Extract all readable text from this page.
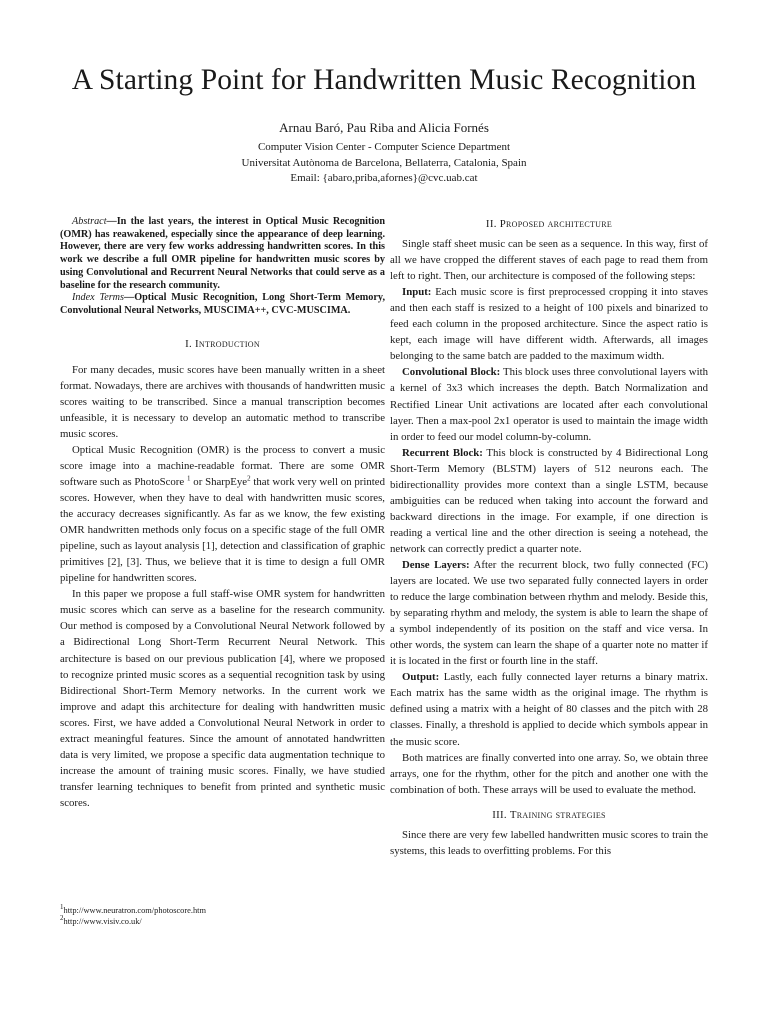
A Starting Point for Handwritten Music Recognition
Arnau Baró, Pau Riba and Alicia Fornés
Computer Vision Center - Computer Science Department
Universitat Autònoma de Barcelona, Bellaterra, Catalonia, Spain
Email: {abaro,priba,afornes}@cvc.uab.cat

Abstract—In the last years, the interest in Optical Music Recognition (OMR) has reawakened, especially since the appearance of deep learning. However, there are very few works addressing handwritten scores. In this work we describe a full OMR pipeline for handwritten music scores by using Convolutional and Recurrent Neural Networks that could serve as a baseline for the research community.

Index Terms—Optical Music Recognition, Long Short-Term Memory, Convolutional Neural Networks, MUSCIMA++, CVC-MUSCIMA.

I. Introduction

For many decades, music scores have been manually written in a sheet format. Nowadays, there are archives with thousands of handwritten music scores waiting to be transcribed. Since a manual transcription becomes unfeasible, it is necessary to develop an automatic method to transcribe music scores.

Optical Music Recognition (OMR) is the process to convert a music score image into a machine-readable format. There are some OMR software such as PhotoScore $^1$ or SharpEye$^2$ that work very well on printed scores. However, when they have to deal with handwritten music scores, the accuracy decreases significantly. As far as we know, the few existing OMR handwritten methods only focus on a specific stage of the full OMR pipeline, such as layout analysis [1], detection and classification of graphic primitives [2], [3]. Thus, we believe that it is time to design a full OMR pipeline for handwritten scores.

In this paper we propose a full staff-wise OMR system for handwritten music scores which can serve as a baseline for the research community. Our method is composed by a Convolutional Neural Network followed by a Bidirectional Long Short-Term Recurrent Neural Network. This architecture is based on our previous publication [4], where we proposed to recognize printed music scores as a sequential recognition task by using Bidirectional Short-Term Memory networks. In the current work we improve and adapt this architecture for dealing with handwritten music scores. First, we have added a Convolutional Neural Network in order to extract meaningful features. Since the amount of annotated handwritten data is very limited, we propose a specific data augmentation technique to increase the amount of training music scores. Finally, we have studied transfer learning techniques to benefit from printed and synthetic music scores.

$^1$http://www.neuratron.com/photoscore.htm
$^2$http://www.visiv.co.uk/
II. Proposed architecture

Single staff sheet music can be seen as a sequence. In this way, first of all we have cropped the different staves of each page to read them from left to right. Then, our architecture is composed of the following steps:

Input: Each music score is first preprocessed cropping it into staves and then each staff is resized to a height of 100 pixels and binarized to feed each column in the proposed architecture. Since the aspect ratio is kept, each image will have different width. Afterwards, all images belonging to the same batch are padded to the maximum width.

Convolutional Block: This block uses three convolutional layers with a kernel of 3x3 which increases the depth. Batch Normalization and Rectified Linear Unit activations are located after each convolutional layer. Then a max-pool 2x1 operator is used to maintain the image width in order to feed our model column-by-column.

Recurrent Block: This block is constructed by 4 Bidirectional Long Short-Term Memory (BLSTM) layers of 512 neurons each. The bidirectionallity provides more context than a single LSTM, because ambiguities can be reduced when taking into account the forward and backward directions in the image. For example, if one direction is reading a vertical line and the other direction is seeing a notehead, the network can correctly predict a quarter note.

Dense Layers: After the recurrent block, two fully connected (FC) layers are located. We use two separated fully connected layers in order to reduce the large combination between rhythm and melody. Beside this, by separating rhythm and melody, the system is able to learn the shape of a symbol independently of its position on the staff and vice versa. In other words, the system can learn the shape of a quarter note no matter if it is located in the first or fourth line in the staff.

Output: Lastly, each fully connected layer returns a binary matrix. Each matrix has the same width as the original image. The rhythm is defined using a matrix with a height of 80 classes and the pitch with 28 classes. Finally, a threshold is applied to decide which symbols appear in the music score.

Both matrices are finally converted into one array. So, we obtain three arrays, one for the rhythm, other for the pitch and another one with the combination of both. These arrays will be used to evaluate the method.

III. Training strategies

Since there are very few labelled handwritten music scores to train the systems, this leads to overfitting problems. For this
